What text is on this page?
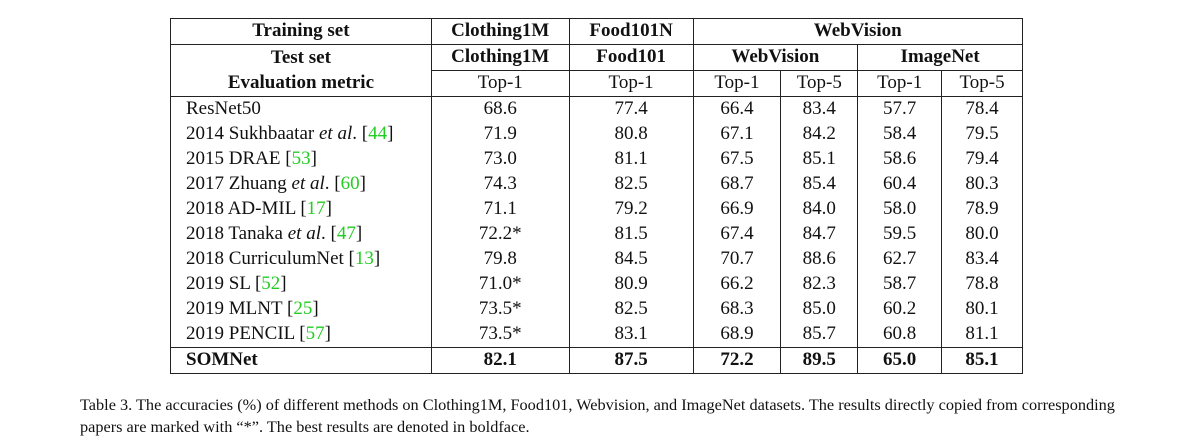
Training set	Clothing1M	Food101N	WebVision			
Test set	Clothing1M	Food101	WebVision		ImageNet	
Evaluation metric	Top-1	Top-1	Top-1	Top-5	Top-1	Top-5
ResNet50	68.6	77.4	66.4	83.4	57.7	78.4
2014 Sukhbaatar et al. [44]	71.9	80.8	67.1	84.2	58.4	79.5
2015 DRAE [53]	73.0	81.1	67.5	85.1	58.6	79.4
2017 Zhuang et al. [60]	74.3	82.5	68.7	85.4	60.4	80.3
2018 AD-MIL [17]	71.1	79.2	66.9	84.0	58.0	78.9
2018 Tanaka et al. [47]	72.2*	81.5	67.4	84.7	59.5	80.0
2018 CurriculumNet [13]	79.8	84.5	70.7	88.6	62.7	83.4
2019 SL [52]	71.0*	80.9	66.2	82.3	58.7	78.8
2019 MLNT [25]	73.5*	82.5	68.3	85.0	60.2	80.1
2019 PENCIL [57]	73.5*	83.1	68.9	85.7	60.8	81.1
SOMNet	82.1	87.5	72.2	89.5	65.0	85.1
Table 3. The accuracies (%) of different methods on Clothing1M, Food101, Webvision, and ImageNet datasets. The results directly copied from corresponding papers are marked with “*”. The best results are denoted in boldface.
